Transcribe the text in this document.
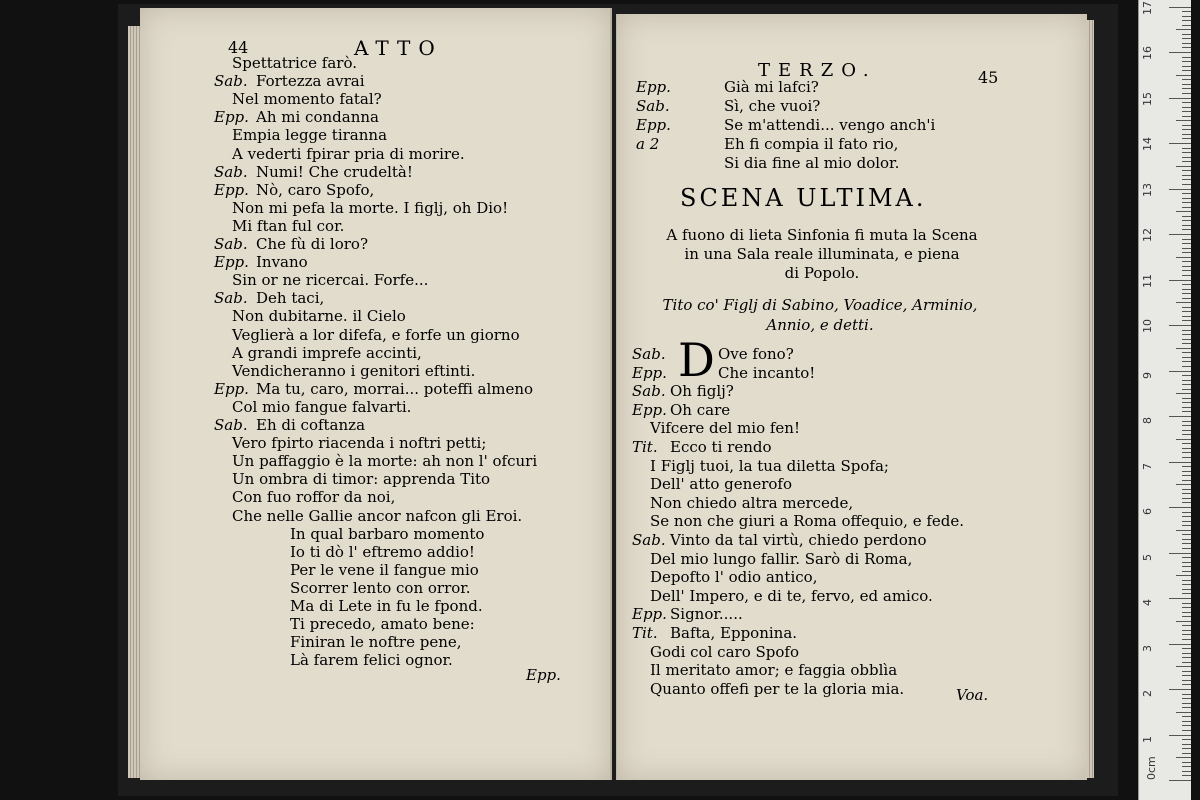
44	ATTO
Spettatrice farò.
Sab. Fortezza avrai
Nel momento fatal?
Epp. Ah mi condanna
Empia legge tiranna
A vederti fpirar pria di morire.
Sab. Numi! Che crudeltà!
Epp. Nò, caro Spofo,
Non mi pefa la morte. I figlj, oh Dio!
Mi ftan ful cor.
Sab. Che fù di loro?
Epp. Invano
Sin or ne ricercai. Forfe...
Sab. Deh taci,
Non dubitarne. il Cielo
Veglierà a lor difefa, e forfe un giorno
A grandi imprefe accinti,
Vendicheranno i genitori eftinti.
Epp. Ma tu, caro, morrai... poteffi almeno
Col mio fangue falvarti.
Sab. Eh di coftanza
Vero fpirto riacenda i noftri petti;
Un paffaggio è la morte: ah non l' ofcuri
Un ombra di timor: apprenda Tito
Con fuo roffor da noi,
Che nelle Gallie ancor nafcon gli Eroi.
In qual barbaro momento
Io ti dò l' eftremo addio!
Per le vene il fangue mio
Scorrer lento con orror.
Ma di Lete in fu le fpond.
Ti precedo, amato bene:
Finiran le noftre pene,
Là farem felici ognor.
Epp.
TERZO.	45
Epp.	Già mi lafci?
Sab.	Sì, che vuoi?
Epp.	Se m'attendi... vengo anch'i
a 2	Eh fi compia il fato rio,
Si dia fine al mio dolor.
SCENA ULTIMA.
A fuono di lieta Sinfonia fi muta la Scena
in una Sala reale illuminata, e piena
di Popolo.
Tito co' Figlj di Sabino, Voadice, Arminio,
Annio, e detti.
D
Sab.	Ove fono?
Epp.	Che incanto!
Sab. Oh figlj?
Epp. Oh care
Vifcere del mio fen!
Tit. Ecco ti rendo
I Figlj tuoi, la tua diletta Spofa;
Dell' atto generofo
Non chiedo altra mercede,
Se non che giuri a Roma offequio, e fede.
Sab. Vinto da tal virtù, chiedo perdono
Del mio lungo fallir. Sarò di Roma,
Depofto l' odio antico,
Dell' Impero, e di te, fervo, ed amico.
Epp. Signor.....
Tit. Bafta, Epponina.
Godi col caro Spofo
Il meritato amor; e faggia obblìa
Quanto offefi per te la gloria mia.	Voa.
0cm
1
2
3
4
5
6
7
8
9
10
11
12
13
14
15
16
17
